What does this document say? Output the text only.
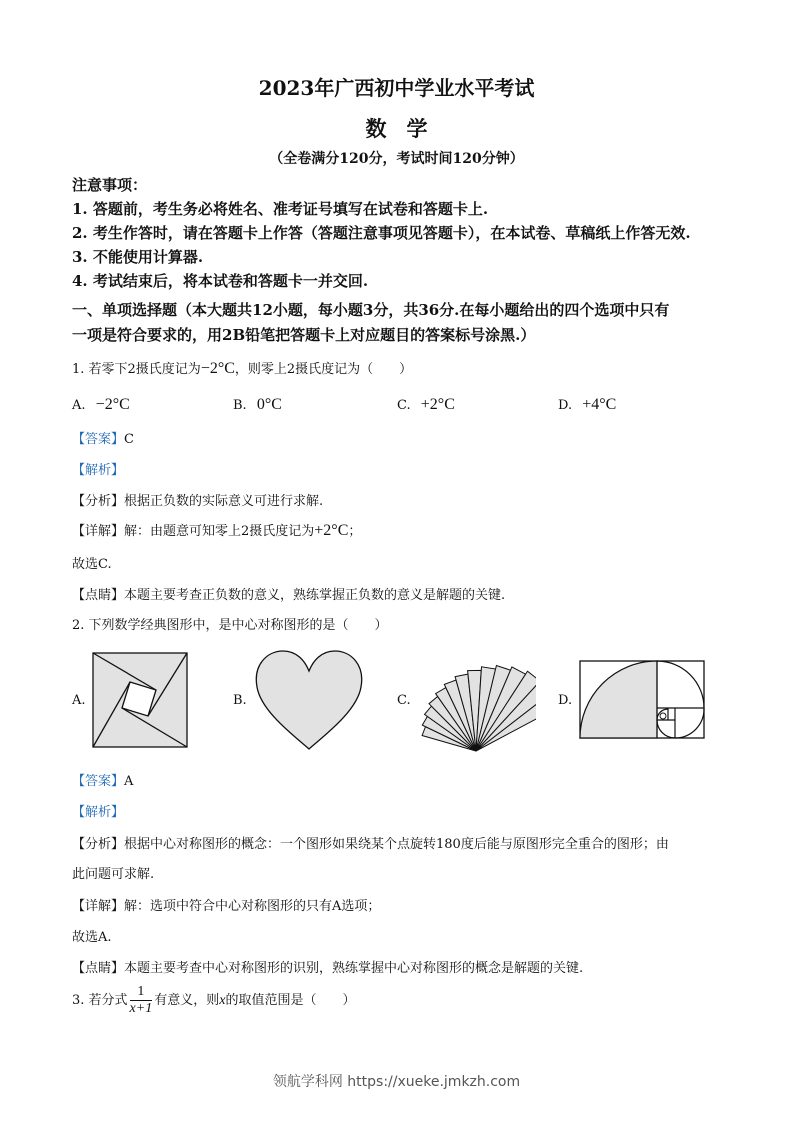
2023年广西初中学业水平考试
数学
（全卷满分120分，考试时间120分钟）
注意事项：
1. 答题前，考生务必将姓名、准考证号填写在试卷和答题卡上.
2. 考生作答时，请在答题卡上作答（答题注意事项见答题卡），在本试卷、草稿纸上作答无效.
3. 不能使用计算器.
4. 考试结束后，将本试卷和答题卡一并交回.
一、单项选择题（本大题共12小题，每小题3分，共36分.在每小题给出的四个选项中只有
一项是符合要求的，用2B铅笔把答题卡上对应题目的答案标号涂黑.）
1. 若零下2摄氏度记为−2°C，则零上2摄氏度记为（　　）
A. −2°C	B. 0°C	C. +2°C	D. +4°C
【答案】C
【解析】
【分析】根据正负数的实际意义可进行求解.
【详解】解：由题意可知零上2摄氏度记为+2°C；
故选C.
【点睛】本题主要考查正负数的意义，熟练掌握正负数的意义是解题的关键.
2. 下列数学经典图形中，是中心对称图形的是（　　）
A.	B.	C.	D.
【答案】A
【解析】
【分析】根据中心对称图形的概念：一个图形如果绕某个点旋转180度后能与原图形完全重合的图形；由
此问题可求解.
【详解】解：选项中符合中心对称图形的只有A选项；
故选A.
【点睛】本题主要考查中心对称图形的识别，熟练掌握中心对称图形的概念是解题的关键.
3. 若分式 $\frac{1}{x+1}$ 有意义，则x的取值范围是（　　）
领航学科网 https://xueke.jmkzh.com
